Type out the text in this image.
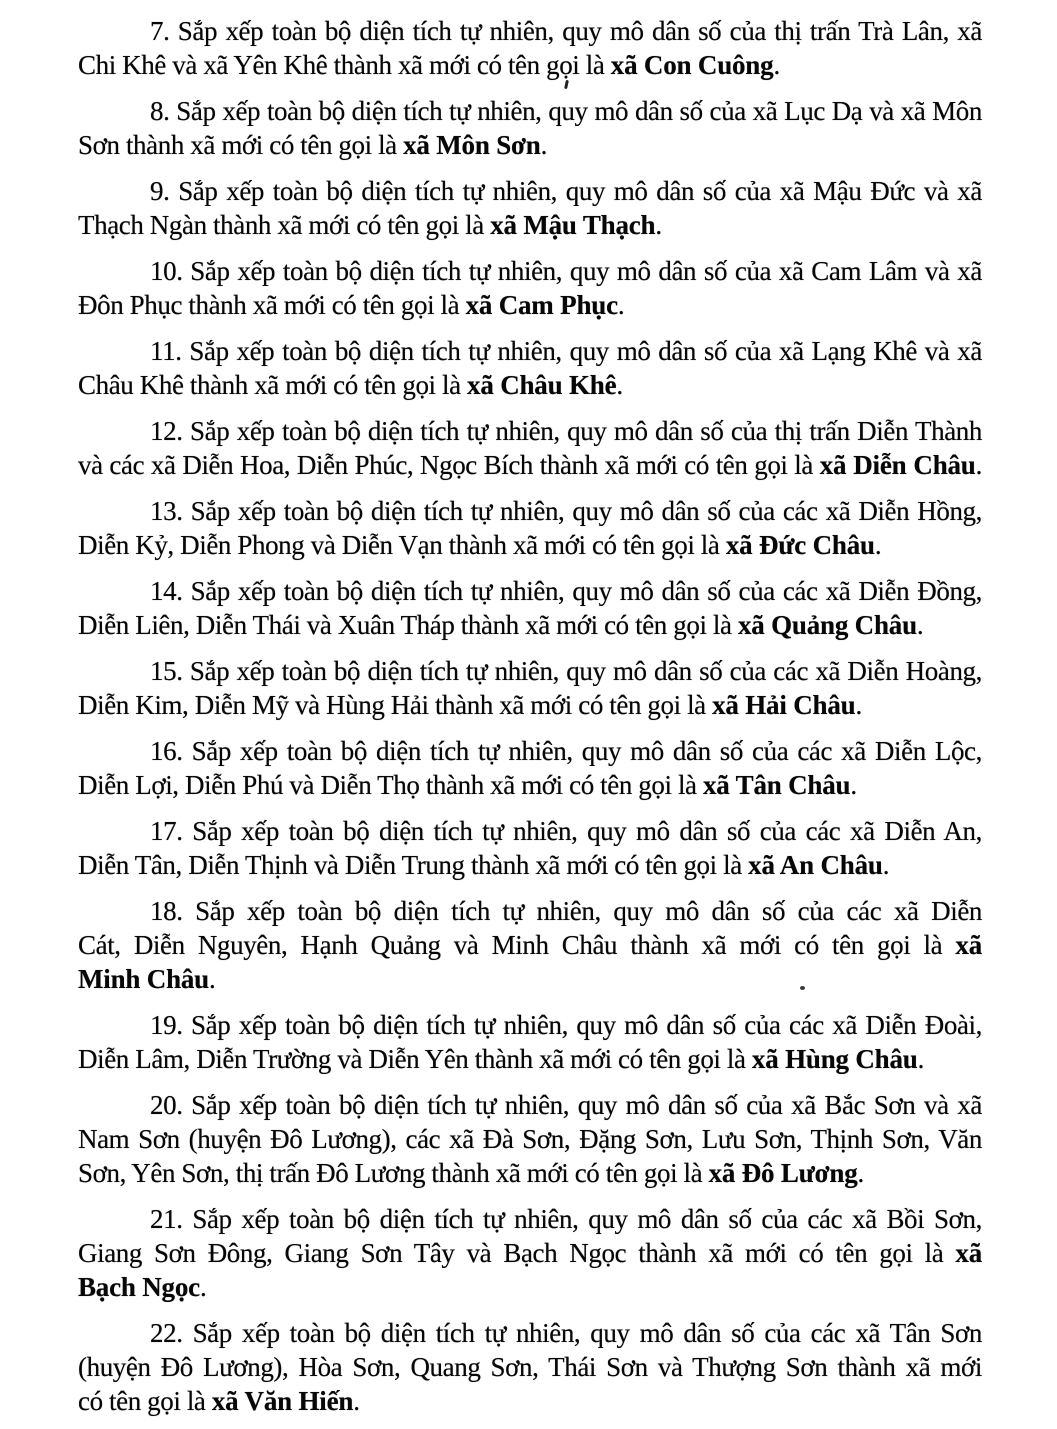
7. Sắp xếp toàn bộ diện tích tự nhiên, quy mô dân số của thị trấn Trà Lân, xã
Chi Khê và xã Yên Khê thành xã mới có tên gọi là xã Con Cuông.

8. Sắp xếp toàn bộ diện tích tự nhiên, quy mô dân số của xã Lục Dạ và xã Môn
Sơn thành xã mới có tên gọi là xã Môn Sơn.

9. Sắp xếp toàn bộ diện tích tự nhiên, quy mô dân số của xã Mậu Đức và xã
Thạch Ngàn thành xã mới có tên gọi là xã Mậu Thạch.

10. Sắp xếp toàn bộ diện tích tự nhiên, quy mô dân số của xã Cam Lâm và xã
Đôn Phục thành xã mới có tên gọi là xã Cam Phục.

11. Sắp xếp toàn bộ diện tích tự nhiên, quy mô dân số của xã Lạng Khê và xã
Châu Khê thành xã mới có tên gọi là xã Châu Khê.

12. Sắp xếp toàn bộ diện tích tự nhiên, quy mô dân số của thị trấn Diễn Thành
và các xã Diễn Hoa, Diễn Phúc, Ngọc Bích thành xã mới có tên gọi là xã Diễn Châu.

13. Sắp xếp toàn bộ diện tích tự nhiên, quy mô dân số của các xã Diễn Hồng,
Diễn Kỷ, Diễn Phong và Diễn Vạn thành xã mới có tên gọi là xã Đức Châu.

14. Sắp xếp toàn bộ diện tích tự nhiên, quy mô dân số của các xã Diễn Đồng,
Diễn Liên, Diễn Thái và Xuân Tháp thành xã mới có tên gọi là xã Quảng Châu.

15. Sắp xếp toàn bộ diện tích tự nhiên, quy mô dân số của các xã Diễn Hoàng,
Diễn Kim, Diễn Mỹ và Hùng Hải thành xã mới có tên gọi là xã Hải Châu.

16. Sắp xếp toàn bộ diện tích tự nhiên, quy mô dân số của các xã Diễn Lộc,
Diễn Lợi, Diễn Phú và Diễn Thọ thành xã mới có tên gọi là xã Tân Châu.

17. Sắp xếp toàn bộ diện tích tự nhiên, quy mô dân số của các xã Diễn An,
Diễn Tân, Diễn Thịnh và Diễn Trung thành xã mới có tên gọi là xã An Châu.

18. Sắp xếp toàn bộ diện tích tự nhiên, quy mô dân số của các xã Diễn
Cát, Diễn Nguyên, Hạnh Quảng và Minh Châu thành xã mới có tên gọi là xã
Minh Châu.

19. Sắp xếp toàn bộ diện tích tự nhiên, quy mô dân số của các xã Diễn Đoài,
Diễn Lâm, Diễn Trường và Diễn Yên thành xã mới có tên gọi là xã Hùng Châu.

20. Sắp xếp toàn bộ diện tích tự nhiên, quy mô dân số của xã Bắc Sơn và xã
Nam Sơn (huyện Đô Lương), các xã Đà Sơn, Đặng Sơn, Lưu Sơn, Thịnh Sơn, Văn
Sơn, Yên Sơn, thị trấn Đô Lương thành xã mới có tên gọi là xã Đô Lương.

21. Sắp xếp toàn bộ diện tích tự nhiên, quy mô dân số của các xã Bồi Sơn,
Giang Sơn Đông, Giang Sơn Tây và Bạch Ngọc thành xã mới có tên gọi là xã
Bạch Ngọc.

22. Sắp xếp toàn bộ diện tích tự nhiên, quy mô dân số của các xã Tân Sơn
(huyện Đô Lương), Hòa Sơn, Quang Sơn, Thái Sơn và Thượng Sơn thành xã mới
có tên gọi là xã Văn Hiến.
